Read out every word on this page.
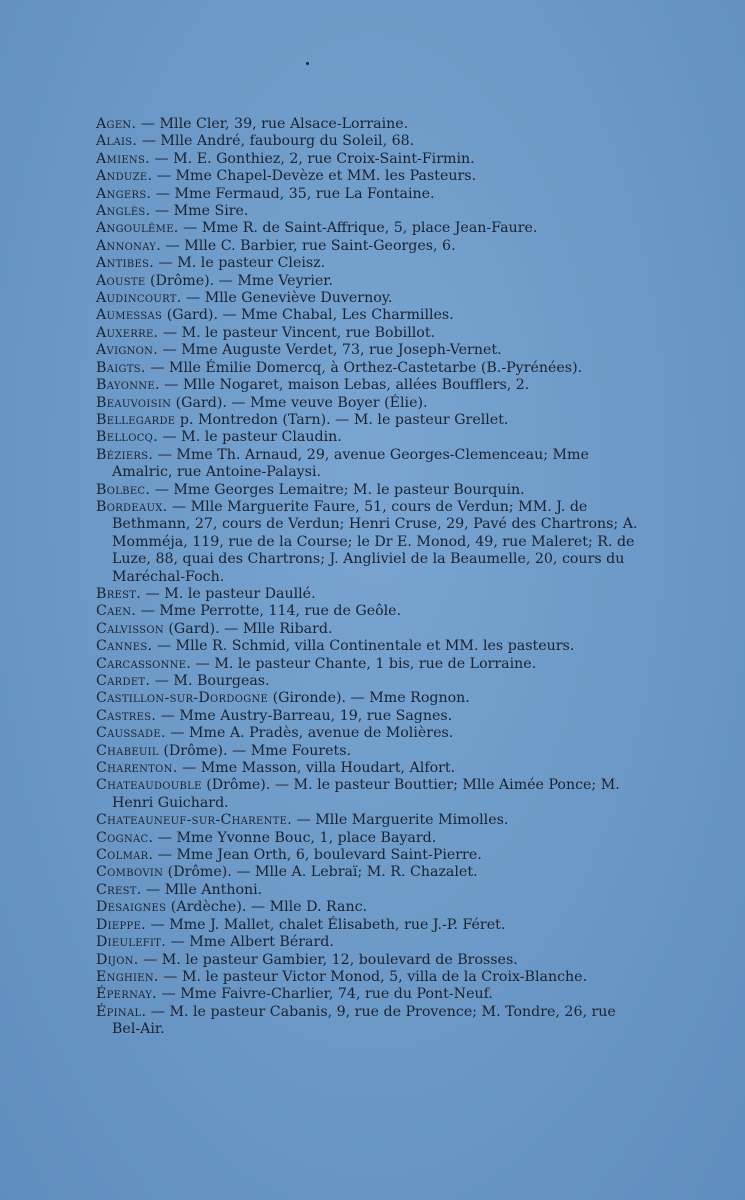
Agen. — Mlle Cler, 39, rue Alsace-Lorraine.
Alais. — Mlle André, faubourg du Soleil, 68.
Amiens. — M. E. Gonthiez, 2, rue Croix-Saint-Firmin.
Anduze. — Mme Chapel-Devèze et MM. les Pasteurs.
Angers. — Mme Fermaud, 35, rue La Fontaine.
Anglès. — Mme Sire.
Angoulême. — Mme R. de Saint-Affrique, 5, place Jean-Faure.
Annonay. — Mlle C. Barbier, rue Saint-Georges, 6.
Antibes. — M. le pasteur Cleisz.
Aouste (Drôme). — Mme Veyrier.
Audincourt. — Mlle Geneviève Duvernoy.
Aumessas (Gard). — Mme Chabal, Les Charmilles.
Auxerre. — M. le pasteur Vincent, rue Bobillot.
Avignon. — Mme Auguste Verdet, 73, rue Joseph-Vernet.
Baigts. — Mlle Émilie Domercq, à Orthez-Castetarbe (B.-Pyrénées).
Bayonne. — Mlle Nogaret, maison Lebas, allées Boufflers, 2.
Beauvoisin (Gard). — Mme veuve Boyer (Élie).
Bellegarde p. Montredon (Tarn). — M. le pasteur Grellet.
Bellocq. — M. le pasteur Claudin.
Béziers. — Mme Th. Arnaud, 29, avenue Georges-Clemenceau; Mme Amalric, rue Antoine-Palaysi.
Bolbec. — Mme Georges Lemaitre; M. le pasteur Bourquin.
Bordeaux. — Mlle Marguerite Faure, 51, cours de Verdun; MM. J. de Bethmann, 27, cours de Verdun; Henri Cruse, 29, Pavé des Chartrons; A. Momméja, 119, rue de la Course; le Dr E. Monod, 49, rue Maleret; R. de Luze, 88, quai des Chartrons; J. Angliviel de la Beaumelle, 20, cours du Maréchal-Foch.
Brest. — M. le pasteur Daullé.
Caen. — Mme Perrotte, 114, rue de Geôle.
Calvisson (Gard). — Mlle Ribard.
Cannes. — Mlle R. Schmid, villa Continentale et MM. les pasteurs.
Carcassonne. — M. le pasteur Chante, 1 bis, rue de Lorraine.
Cardet. — M. Bourgeas.
Castillon-sur-Dordogne (Gironde). — Mme Rognon.
Castres. — Mme Austry-Barreau, 19, rue Sagnes.
Caussade. — Mme A. Pradès, avenue de Molières.
Chabeuil (Drôme). — Mme Fourets.
Charenton. — Mme Masson, villa Houdart, Alfort.
Chateaudouble (Drôme). — M. le pasteur Bouttier; Mlle Aimée Ponce; M. Henri Guichard.
Chateauneuf-sur-Charente. — Mlle Marguerite Mimolles.
Cognac. — Mme Yvonne Bouc, 1, place Bayard.
Colmar. — Mme Jean Orth, 6, boulevard Saint-Pierre.
Combovin (Drôme). — Mlle A. Lebraï; M. R. Chazalet.
Crest. — Mlle Anthoni.
Desaignes (Ardèche). — Mlle D. Ranc.
Dieppe. — Mme J. Mallet, chalet Élisabeth, rue J.-P. Féret.
Dieulefit. — Mme Albert Bérard.
Dijon. — M. le pasteur Gambier, 12, boulevard de Brosses.
Enghien. — M. le pasteur Victor Monod, 5, villa de la Croix-Blanche.
Épernay. — Mme Faivre-Charlier, 74, rue du Pont-Neuf.
Épinal. — M. le pasteur Cabanis, 9, rue de Provence; M. Tondre, 26, rue Bel-Air.
